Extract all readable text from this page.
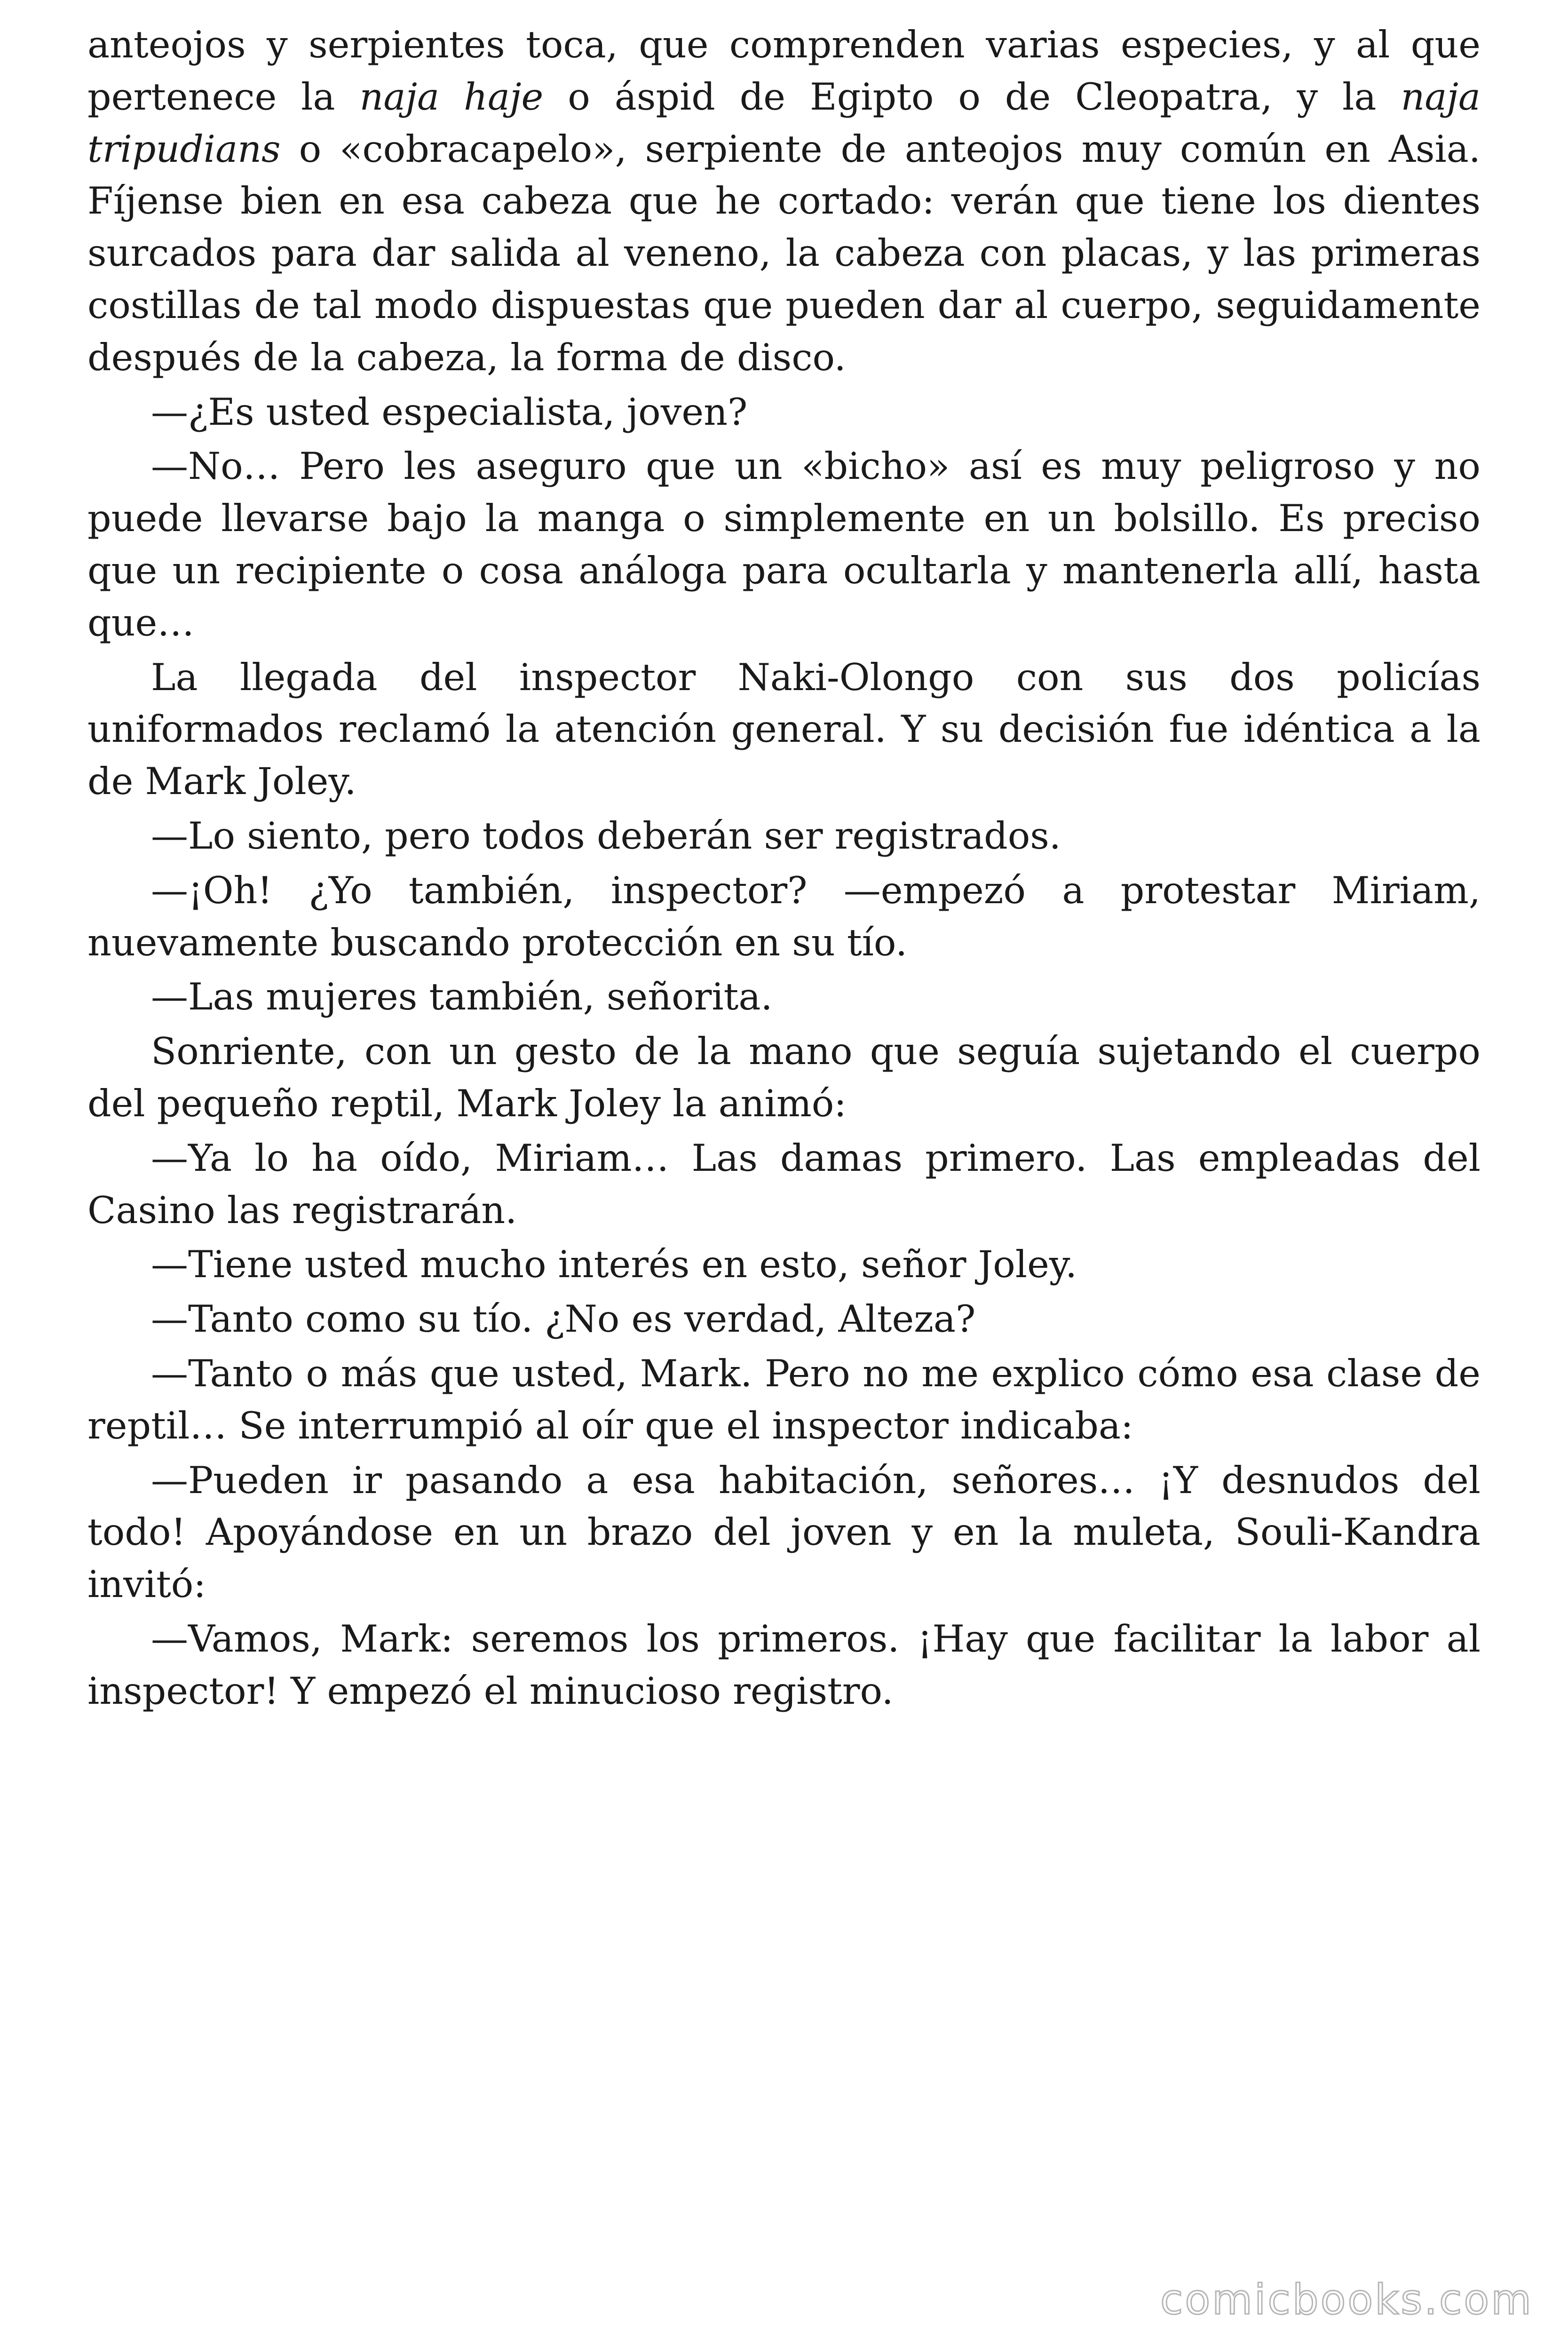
anteojos y serpientes toca, que comprenden varias especies, y al que pertenece la naja haje o áspid de Egipto o de Cleopatra, y la naja tripudians o «cobracapelo», serpiente de anteojos muy común en Asia. Fíjense bien en esa cabeza que he cortado: verán que tiene los dientes surcados para dar salida al veneno, la cabeza con placas, y las primeras costillas de tal modo dispuestas que pueden dar al cuerpo, seguidamente después de la cabeza, la forma de disco.

—¿Es usted especialista, joven?

—No… Pero les aseguro que un «bicho» así es muy peligroso y no puede llevarse bajo la manga o simplemente en un bolsillo. Es preciso que un recipiente o cosa análoga para ocultarla y mantenerla allí, hasta que…

La llegada del inspector Naki-Olongo con sus dos policías uniformados reclamó la atención general. Y su decisión fue idéntica a la de Mark Joley.

—Lo siento, pero todos deberán ser registrados.

—¡Oh! ¿Yo también, inspector? —empezó a protestar Miriam, nuevamente buscando protección en su tío.

—Las mujeres también, señorita.

Sonriente, con un gesto de la mano que seguía sujetando el cuerpo del pequeño reptil, Mark Joley la animó:

—Ya lo ha oído, Miriam… Las damas primero. Las empleadas del Casino las registrarán.

—Tiene usted mucho interés en esto, señor Joley.

—Tanto como su tío. ¿No es verdad, Alteza?

—Tanto o más que usted, Mark. Pero no me explico cómo esa clase de reptil… Se interrumpió al oír que el inspector indicaba:

—Pueden ir pasando a esa habitación, señores… ¡Y desnudos del todo! Apoyándose en un brazo del joven y en la muleta, Souli-Kandra invitó:

—Vamos, Mark: seremos los primeros. ¡Hay que facilitar la labor al inspector! Y empezó el minucioso registro.

comicbooks.com
